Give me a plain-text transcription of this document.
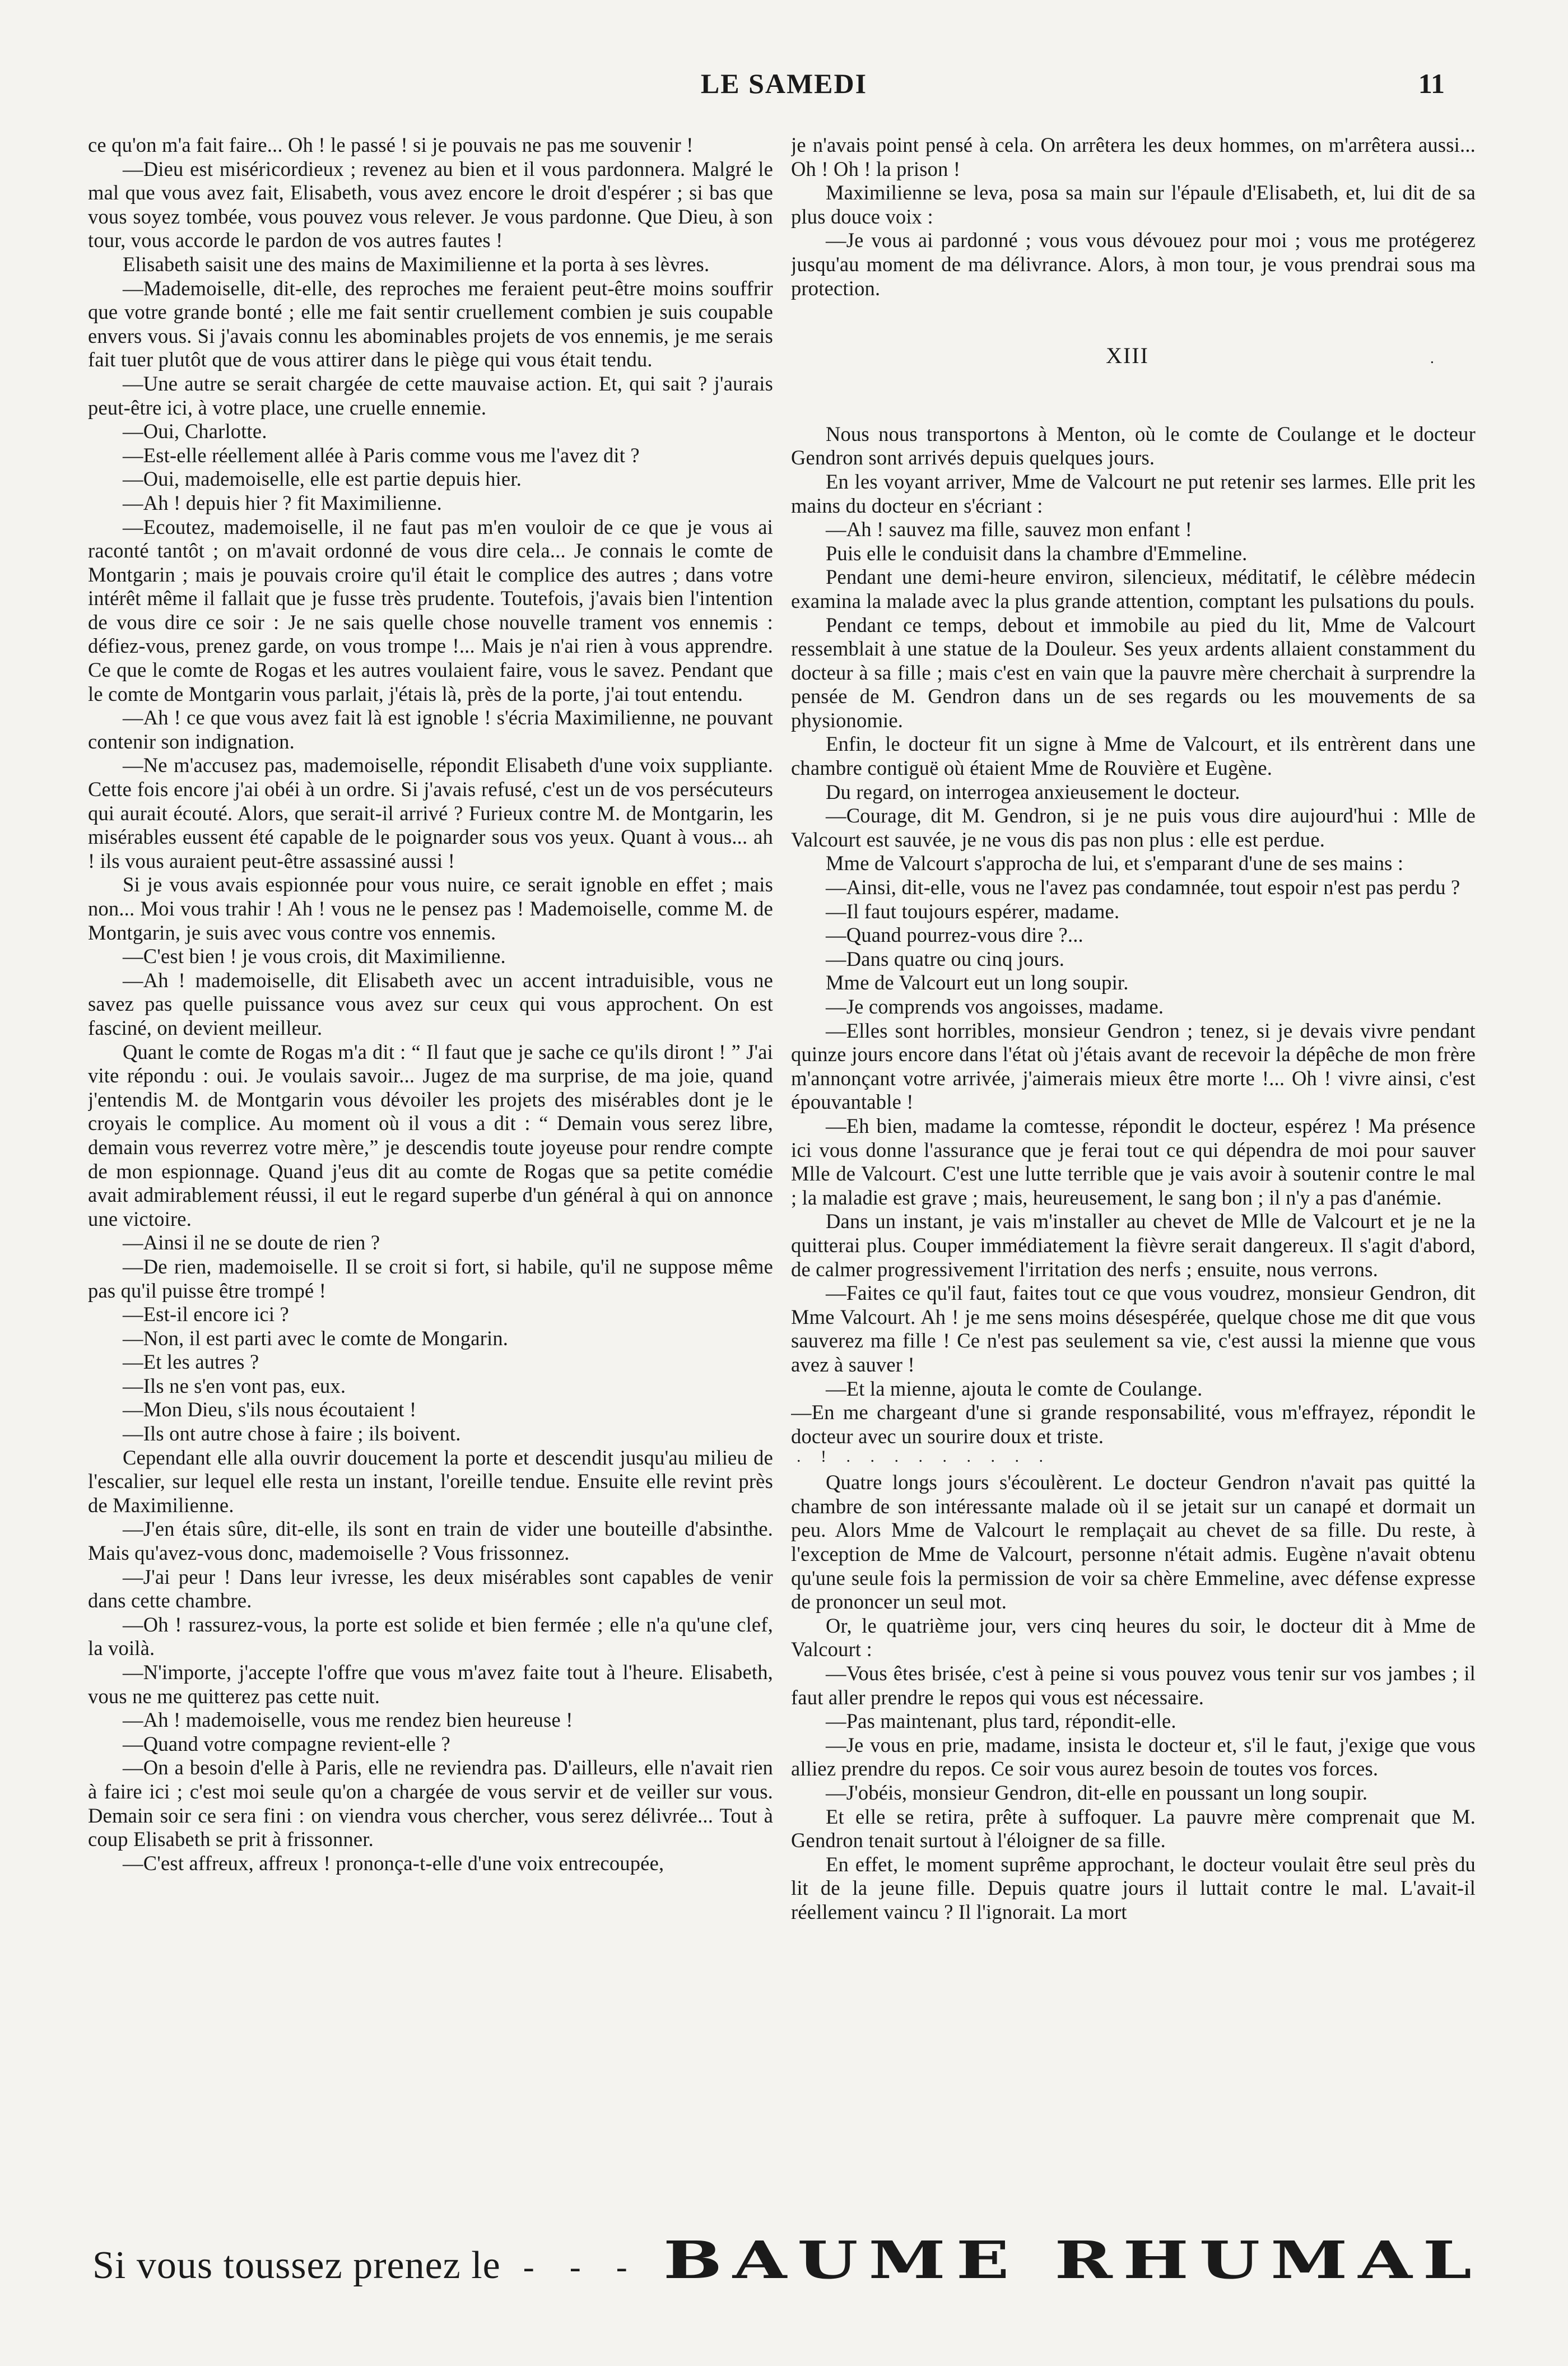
LE SAMEDI	11

ce qu'on m'a fait faire... Oh ! le passé ! si je pouvais ne pas me souvenir !

—Dieu est miséricordieux ; revenez au bien et il vous pardonnera. Malgré le mal que vous avez fait, Elisabeth, vous avez encore le droit d'espérer ; si bas que vous soyez tombée, vous pouvez vous relever. Je vous pardonne. Que Dieu, à son tour, vous accorde le pardon de vos autres fautes !

Elisabeth saisit une des mains de Maximilienne et la porta à ses lèvres.

—Mademoiselle, dit-elle, des reproches me feraient peut-être moins souffrir que votre grande bonté ; elle me fait sentir cruellement combien je suis coupable envers vous. Si j'avais connu les abominables projets de vos ennemis, je me serais fait tuer plutôt que de vous attirer dans le piège qui vous était tendu.

—Une autre se serait chargée de cette mauvaise action. Et, qui sait ? j'aurais peut-être ici, à votre place, une cruelle ennemie.

—Oui, Charlotte.

—Est-elle réellement allée à Paris comme vous me l'avez dit ?

—Oui, mademoiselle, elle est partie depuis hier.

—Ah ! depuis hier ? fit Maximilienne.

—Ecoutez, mademoiselle, il ne faut pas m'en vouloir de ce que je vous ai raconté tantôt ; on m'avait ordonné de vous dire cela... Je connais le comte de Montgarin ; mais je pouvais croire qu'il était le complice des autres ; dans votre intérêt même il fallait que je fusse très prudente. Toutefois, j'avais bien l'intention de vous dire ce soir : Je ne sais quelle chose nouvelle trament vos ennemis : défiez-vous, prenez garde, on vous trompe !... Mais je n'ai rien à vous apprendre. Ce que le comte de Rogas et les autres voulaient faire, vous le savez. Pendant que le comte de Montgarin vous parlait, j'étais là, près de la porte, j'ai tout entendu.

—Ah ! ce que vous avez fait là est ignoble ! s'écria Maximilienne, ne pouvant contenir son indignation.

—Ne m'accusez pas, mademoiselle, répondit Elisabeth d'une voix suppliante. Cette fois encore j'ai obéi à un ordre. Si j'avais refusé, c'est un de vos persécuteurs qui aurait écouté. Alors, que serait-il arrivé ? Furieux contre M. de Montgarin, les misérables eussent été capable de le poignarder sous vos yeux. Quant à vous... ah ! ils vous auraient peut-être assassiné aussi !

Si je vous avais espionnée pour vous nuire, ce serait ignoble en effet ; mais non... Moi vous trahir ! Ah ! vous ne le pensez pas ! Mademoiselle, comme M. de Montgarin, je suis avec vous contre vos ennemis.

—C'est bien ! je vous crois, dit Maximilienne.

—Ah ! mademoiselle, dit Elisabeth avec un accent intraduisible, vous ne savez pas quelle puissance vous avez sur ceux qui vous approchent. On est fasciné, on devient meilleur.

Quant le comte de Rogas m'a dit : “ Il faut que je sache ce qu'ils diront ! ” J'ai vite répondu : oui. Je voulais savoir... Jugez de ma surprise, de ma joie, quand j'entendis M. de Montgarin vous dévoiler les projets des misérables dont je le croyais le complice. Au moment où il vous a dit : “ Demain vous serez libre, demain vous reverrez votre mère,” je descendis toute joyeuse pour rendre compte de mon espionnage. Quand j'eus dit au comte de Rogas que sa petite comédie avait admirablement réussi, il eut le regard superbe d'un général à qui on annonce une victoire.

—Ainsi il ne se doute de rien ?

—De rien, mademoiselle. Il se croit si fort, si habile, qu'il ne suppose même pas qu'il puisse être trompé !

—Est-il encore ici ?

—Non, il est parti avec le comte de Mongarin.

—Et les autres ?

—Ils ne s'en vont pas, eux.

—Mon Dieu, s'ils nous écoutaient !

—Ils ont autre chose à faire ; ils boivent.

Cependant elle alla ouvrir doucement la porte et descendit jusqu'au milieu de l'escalier, sur lequel elle resta un instant, l'oreille tendue. Ensuite elle revint près de Maximilienne.

—J'en étais sûre, dit-elle, ils sont en train de vider une bouteille d'absinthe. Mais qu'avez-vous donc, mademoiselle ? Vous frissonnez.

—J'ai peur ! Dans leur ivresse, les deux misérables sont capables de venir dans cette chambre.

—Oh ! rassurez-vous, la porte est solide et bien fermée ; elle n'a qu'une clef, la voilà.

—N'importe, j'accepte l'offre que vous m'avez faite tout à l'heure. Elisabeth, vous ne me quitterez pas cette nuit.

—Ah ! mademoiselle, vous me rendez bien heureuse !

—Quand votre compagne revient-elle ?

—On a besoin d'elle à Paris, elle ne reviendra pas. D'ailleurs, elle n'avait rien à faire ici ; c'est moi seule qu'on a chargée de vous servir et de veiller sur vous. Demain soir ce sera fini : on viendra vous chercher, vous serez délivrée... Tout à coup Elisabeth se prit à frissonner.

—C'est affreux, affreux ! prononça-t-elle d'une voix entrecoupée,

je n'avais point pensé à cela. On arrêtera les deux hommes, on m'arrêtera aussi... Oh ! Oh ! la prison !

Maximilienne se leva, posa sa main sur l'épaule d'Elisabeth, et, lui dit de sa plus douce voix :

—Je vous ai pardonné ; vous vous dévouez pour moi ; vous me protégerez jusqu'au moment de ma délivrance. Alors, à mon tour, je vous prendrai sous ma protection.

XIII	.

Nous nous transportons à Menton, où le comte de Coulange et le docteur Gendron sont arrivés depuis quelques jours.

En les voyant arriver, Mme de Valcourt ne put retenir ses larmes. Elle prit les mains du docteur en s'écriant :

—Ah ! sauvez ma fille, sauvez mon enfant !

Puis elle le conduisit dans la chambre d'Emmeline.

Pendant une demi-heure environ, silencieux, méditatif, le célèbre médecin examina la malade avec la plus grande attention, comptant les pulsations du pouls.

Pendant ce temps, debout et immobile au pied du lit, Mme de Valcourt ressemblait à une statue de la Douleur. Ses yeux ardents allaient constamment du docteur à sa fille ; mais c'est en vain que la pauvre mère cherchait à surprendre la pensée de M. Gendron dans un de ses regards ou les mouvements de sa physionomie.

Enfin, le docteur fit un signe à Mme de Valcourt, et ils entrèrent dans une chambre contiguë où étaient Mme de Rouvière et Eugène.

Du regard, on interrogea anxieusement le docteur.

—Courage, dit M. Gendron, si je ne puis vous dire aujourd'hui : Mlle de Valcourt est sauvée, je ne vous dis pas non plus : elle est perdue.

Mme de Valcourt s'approcha de lui, et s'emparant d'une de ses mains :

—Ainsi, dit-elle, vous ne l'avez pas condamnée, tout espoir n'est pas perdu ?

—Il faut toujours espérer, madame.

—Quand pourrez-vous dire ?...

—Dans quatre ou cinq jours.

Mme de Valcourt eut un long soupir.

—Je comprends vos angoisses, madame.

—Elles sont horribles, monsieur Gendron ; tenez, si je devais vivre pendant quinze jours encore dans l'état où j'étais avant de recevoir la dépêche de mon frère m'annonçant votre arrivée, j'aimerais mieux être morte !... Oh ! vivre ainsi, c'est épouvantable !

—Eh bien, madame la comtesse, répondit le docteur, espérez ! Ma présence ici vous donne l'assurance que je ferai tout ce qui dépendra de moi pour sauver Mlle de Valcourt. C'est une lutte terrible que je vais avoir à soutenir contre le mal ; la maladie est grave ; mais, heureusement, le sang bon ; il n'y a pas d'anémie.

Dans un instant, je vais m'installer au chevet de Mlle de Valcourt et je ne la quitterai plus. Couper immédiatement la fièvre serait dangereux. Il s'agit d'abord, de calmer progressivement l'irritation des nerfs ; ensuite, nous verrons.

—Faites ce qu'il faut, faites tout ce que vous voudrez, monsieur Gendron, dit Mme Valcourt. Ah ! je me sens moins désespérée, quelque chose me dit que vous sauverez ma fille ! Ce n'est pas seulement sa vie, c'est aussi la mienne que vous avez à sauver !

—Et la mienne, ajouta le comte de Coulange.

—En me chargeant d'une si grande responsabilité, vous m'effrayez, répondit le docteur avec un sourire doux et triste.

. ! . . . . . . . . .

Quatre longs jours s'écoulèrent. Le docteur Gendron n'avait pas quitté la chambre de son intéressante malade où il se jetait sur un canapé et dormait un peu. Alors Mme de Valcourt le remplaçait au chevet de sa fille. Du reste, à l'exception de Mme de Valcourt, personne n'était admis. Eugène n'avait obtenu qu'une seule fois la permission de voir sa chère Emmeline, avec défense expresse de prononcer un seul mot.

Or, le quatrième jour, vers cinq heures du soir, le docteur dit à Mme de Valcourt :

—Vous êtes brisée, c'est à peine si vous pouvez vous tenir sur vos jambes ; il faut aller prendre le repos qui vous est nécessaire.

—Pas maintenant, plus tard, répondit-elle.

—Je vous en prie, madame, insista le docteur et, s'il le faut, j'exige que vous alliez prendre du repos. Ce soir vous aurez besoin de toutes vos forces.

—J'obéis, monsieur Gendron, dit-elle en poussant un long soupir.

Et elle se retira, prête à suffoquer. La pauvre mère comprenait que M. Gendron tenait surtout à l'éloigner de sa fille.

En effet, le moment suprême approchant, le docteur voulait être seul près du lit de la jeune fille. Depuis quatre jours il luttait contre le mal. L'avait-il réellement vaincu ? Il l'ignorait. La mort

Si vous toussez prenez le - - - BAUME RHUMAL
